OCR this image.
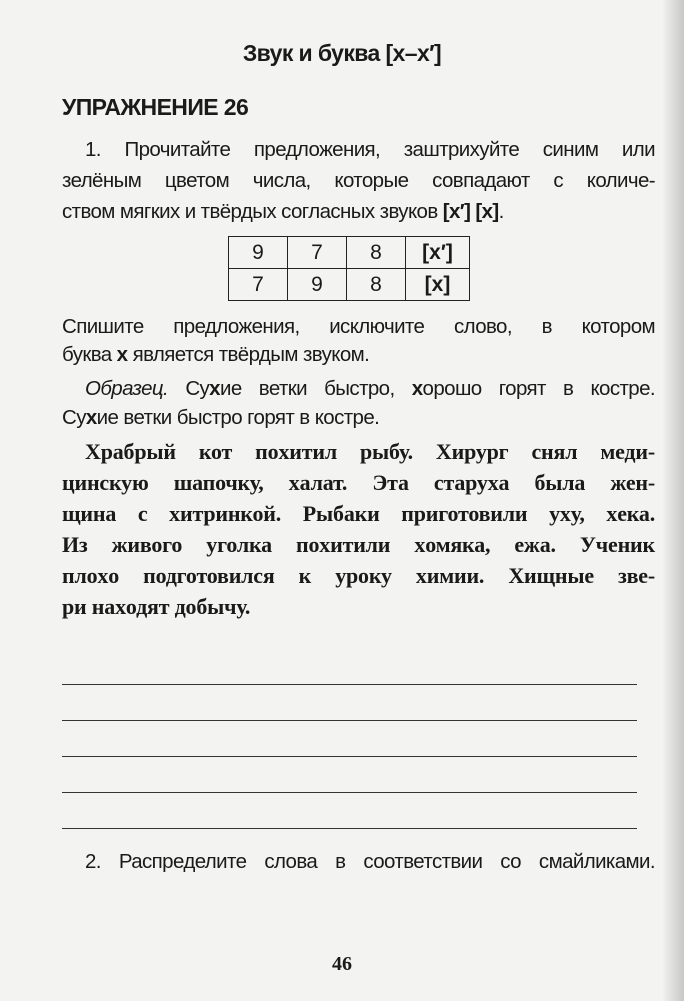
Звук и буква [х–х′]
УПРАЖНЕНИЕ 26
1. Прочитайте предложения, заштрихуйте синим или
зелёным цветом числа, которые совпадают с количе-
ством мягких и твёрдых согласных звуков [х′] [х].
9	7	8	[х′]
7	9	8	[х]
Спишите предложения, исключите слово, в котором
буква х является твёрдым звуком.
Образец. Сухие ветки быстро, хорошо горят в костре.
Сухие ветки быстро горят в костре.
Храбрый кот похитил рыбу. Хирург снял меди-
цинскую шапочку, халат. Эта старуха была жен-
щина с хитринкой. Рыбаки приготовили уху, хека.
Из живого уголка похитили хомяка, ежа. Ученик
плохо подготовился к уроку химии. Хищные зве-
ри находят добычу.
2. Распределите слова в соответствии со смайликами.
46
